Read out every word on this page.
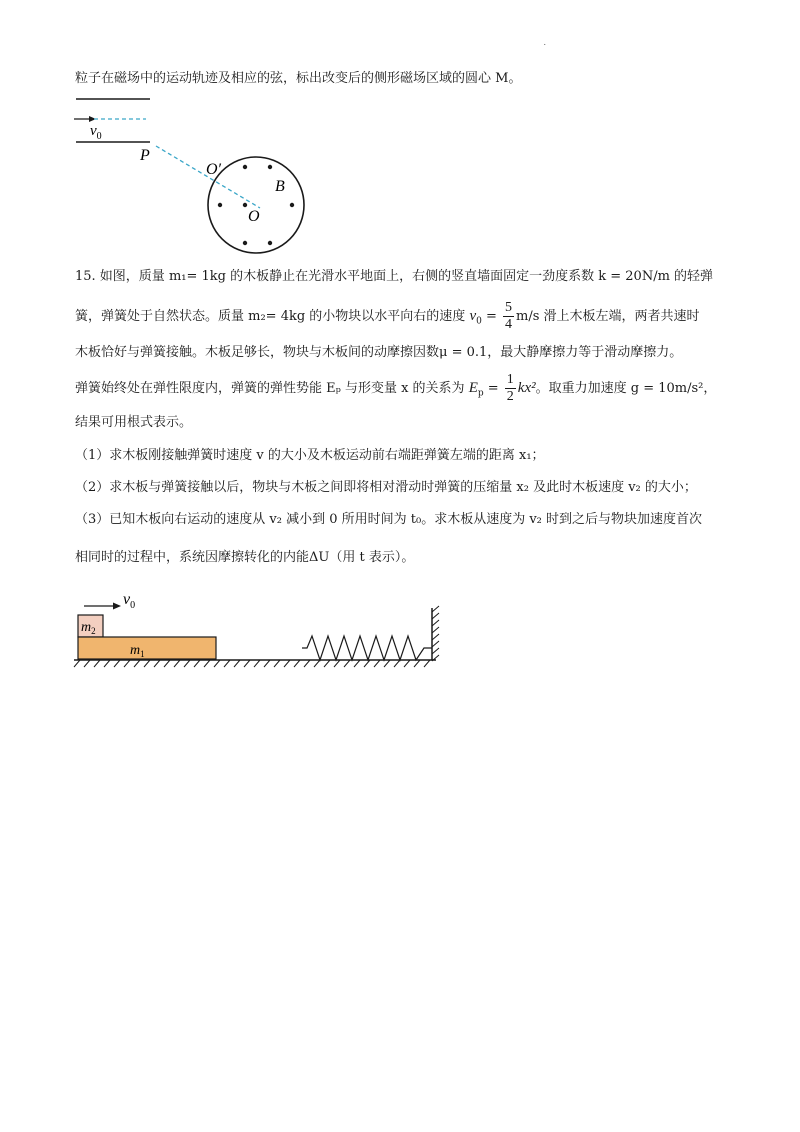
.
粒子在磁场中的运动轨迹及相应的弦，标出改变后的侧形磁场区域的圆心 M。
$v_0$
P
O′
B
O
15. 如图，质量 m₁= 1kg 的木板静止在光滑水平地面上，右侧的竖直墙面固定一劲度系数 k = 20N/m 的轻弹
簧，弹簧处于自然状态。质量 m₂= 4kg 的小物块以水平向右的速度 $v_0 = \frac{5}{4} m/s$ 滑上木板左端，两者共速时
木板恰好与弹簧接触。木板足够长，物块与木板间的动摩擦因数μ = 0.1，最大静摩擦力等于滑动摩擦力。
弹簧始终处在弹性限度内，弹簧的弹性势能 Eₚ 与形变量 x 的关系为 $E_p = \frac{1}{2} kx^2$。取重力加速度 g = 10m/s²，
结果可用根式表示。
（1）求木板刚接触弹簧时速度 v 的大小及木板运动前右端距弹簧左端的距离 x₁；
（2）求木板与弹簧接触以后，物块与木板之间即将相对滑动时弹簧的压缩量 x₂ 及此时木板速度 v₂ 的大小；
（3）已知木板向右运动的速度从 v₂ 减小到 0 所用时间为 t₀。求木板从速度为 v₂ 时到之后与物块加速度首次
相同时的过程中，系统因摩擦转化的内能ΔU（用 t 表示）。
$v_0$
$m_2$
$m_1$
